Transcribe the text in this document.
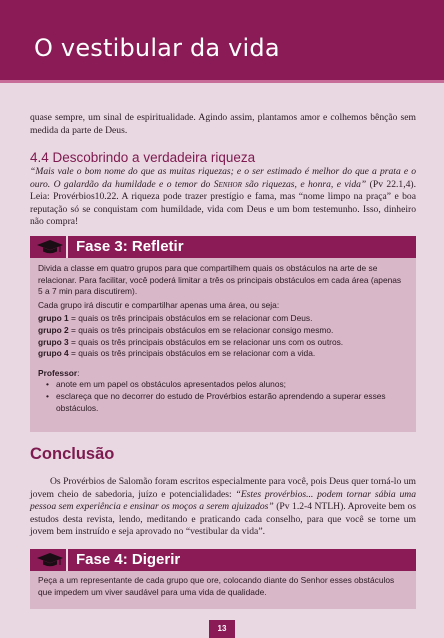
O vestibular da vida

quase sempre, um sinal de espiritualidade. Agindo assim, plantamos amor e colhemos bênção sem medida da parte de Deus.

4.4 Descobrindo a verdadeira riqueza

“Mais vale o bom nome do que as muitas riquezas; e o ser estimado é melhor do que a prata e o ouro. O galardão da humildade e o temor do Senhor são riquezas, e honra, e vida” (Pv 22.1,4). Leia: Provérbios10.22. A riqueza pode trazer prestígio e fama, mas “nome limpo na praça” e boa reputação só se conquistam com humildade, vida com Deus e um bom testemunho. Isso, dinheiro não compra!

Fase 3: Refletir

Divida a classe em quatro grupos para que compartilhem quais os obstáculos na arte de se relacionar. Para facilitar, você poderá limitar a três os principais obstáculos em cada área (apenas 5 a 7 min para discutirem).

Cada grupo irá discutir e compartilhar apenas uma área, ou seja:

grupo 1 = quais os três principais obstáculos em se relacionar com Deus.
grupo 2 = quais os três principais obstáculos em se relacionar consigo mesmo.
grupo 3 = quais os três principais obstáculos em se relacionar uns com os outros.
grupo 4 = quais os três principais obstáculos em se relacionar com a vida.
Professor:
• anote em um papel os obstáculos apresentados pelos alunos;
• esclareça que no decorrer do estudo de Provérbios estarão aprendendo a superar esses obstáculos.
Conclusão

Os Provérbios de Salomão foram escritos especialmente para você, pois Deus quer torná-lo um jovem cheio de sabedoria, juízo e potencialidades: “Estes provérbios... podem tornar sábia uma pessoa sem experiência e ensinar os moços a serem ajuizados” (Pv 1.2-4 NTLH). Aproveite bem os estudos desta revista, lendo, meditando e praticando cada conselho, para que você se torne um jovem bem instruído e seja aprovado no “vestibular da vida”.

Fase 4: Digerir

Peça a um representante de cada grupo que ore, colocando diante do Senhor esses obstáculos que impedem um viver saudável para uma vida de qualidade.

13
